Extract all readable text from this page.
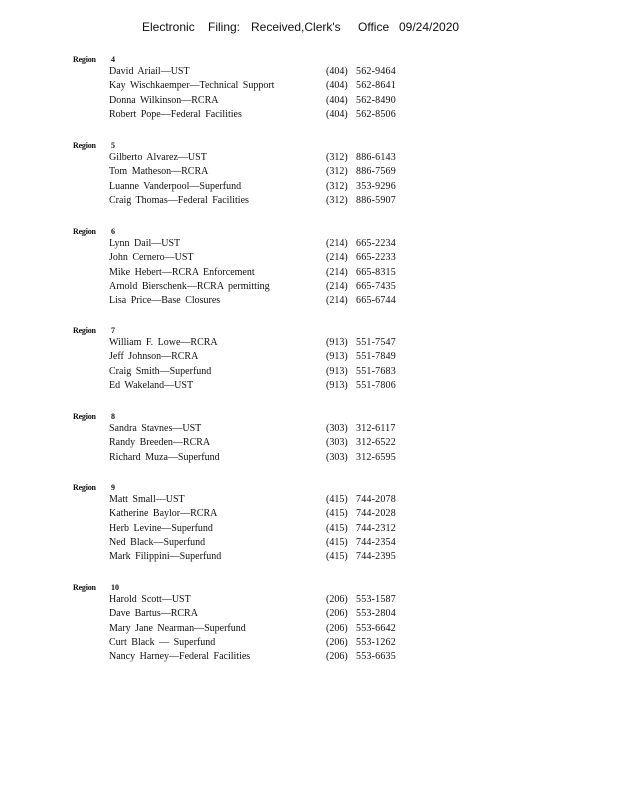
Electronic Filing: Received,Clerk's Office 09/24/2020
Region 4
David Ariail—UST	(404) 562-9464
Kay Wischkaemper—Technical Support	(404) 562-8641
Donna Wilkinson—RCRA	(404) 562-8490
Robert Pope—Federal Facilities	(404) 562-8506
Region 5
Gilberto Alvarez—UST	(312) 886-6143
Tom Matheson—RCRA	(312) 886-7569
Luanne Vanderpool—Superfund	(312) 353-9296
Craig Thomas—Federal Facilities	(312) 886-5907
Region 6
Lynn Dail—UST	(214) 665-2234
John Cernero—UST	(214) 665-2233
Mike Hebert—RCRA Enforcement	(214) 665-8315
Arnold Bierschenk—RCRA permitting	(214) 665-7435
Lisa Price—Base Closures	(214) 665-6744
Region 7
William F. Lowe—RCRA	(913) 551-7547
Jeff Johnson—RCRA	(913) 551-7849
Craig Smith—Superfund	(913) 551-7683
Ed Wakeland—UST	(913) 551-7806
Region 8
Sandra Stavnes—UST	(303) 312-6117
Randy Breeden—RCRA	(303) 312-6522
Richard Muza—Superfund	(303) 312-6595
Region 9
Matt Small—UST	(415) 744-2078
Katherine Baylor—RCRA	(415) 744-2028
Herb Levine—Superfund	(415) 744-2312
Ned Black—Superfund	(415) 744-2354
Mark Filippini—Superfund	(415) 744-2395
Region 10
Harold Scott—UST	(206) 553-1587
Dave Bartus—RCRA	(206) 553-2804
Mary Jane Nearman—Superfund	(206) 553-6642
Curt Black — Superfund	(206) 553-1262
Nancy Harney—Federal Facilities	(206) 553-6635
